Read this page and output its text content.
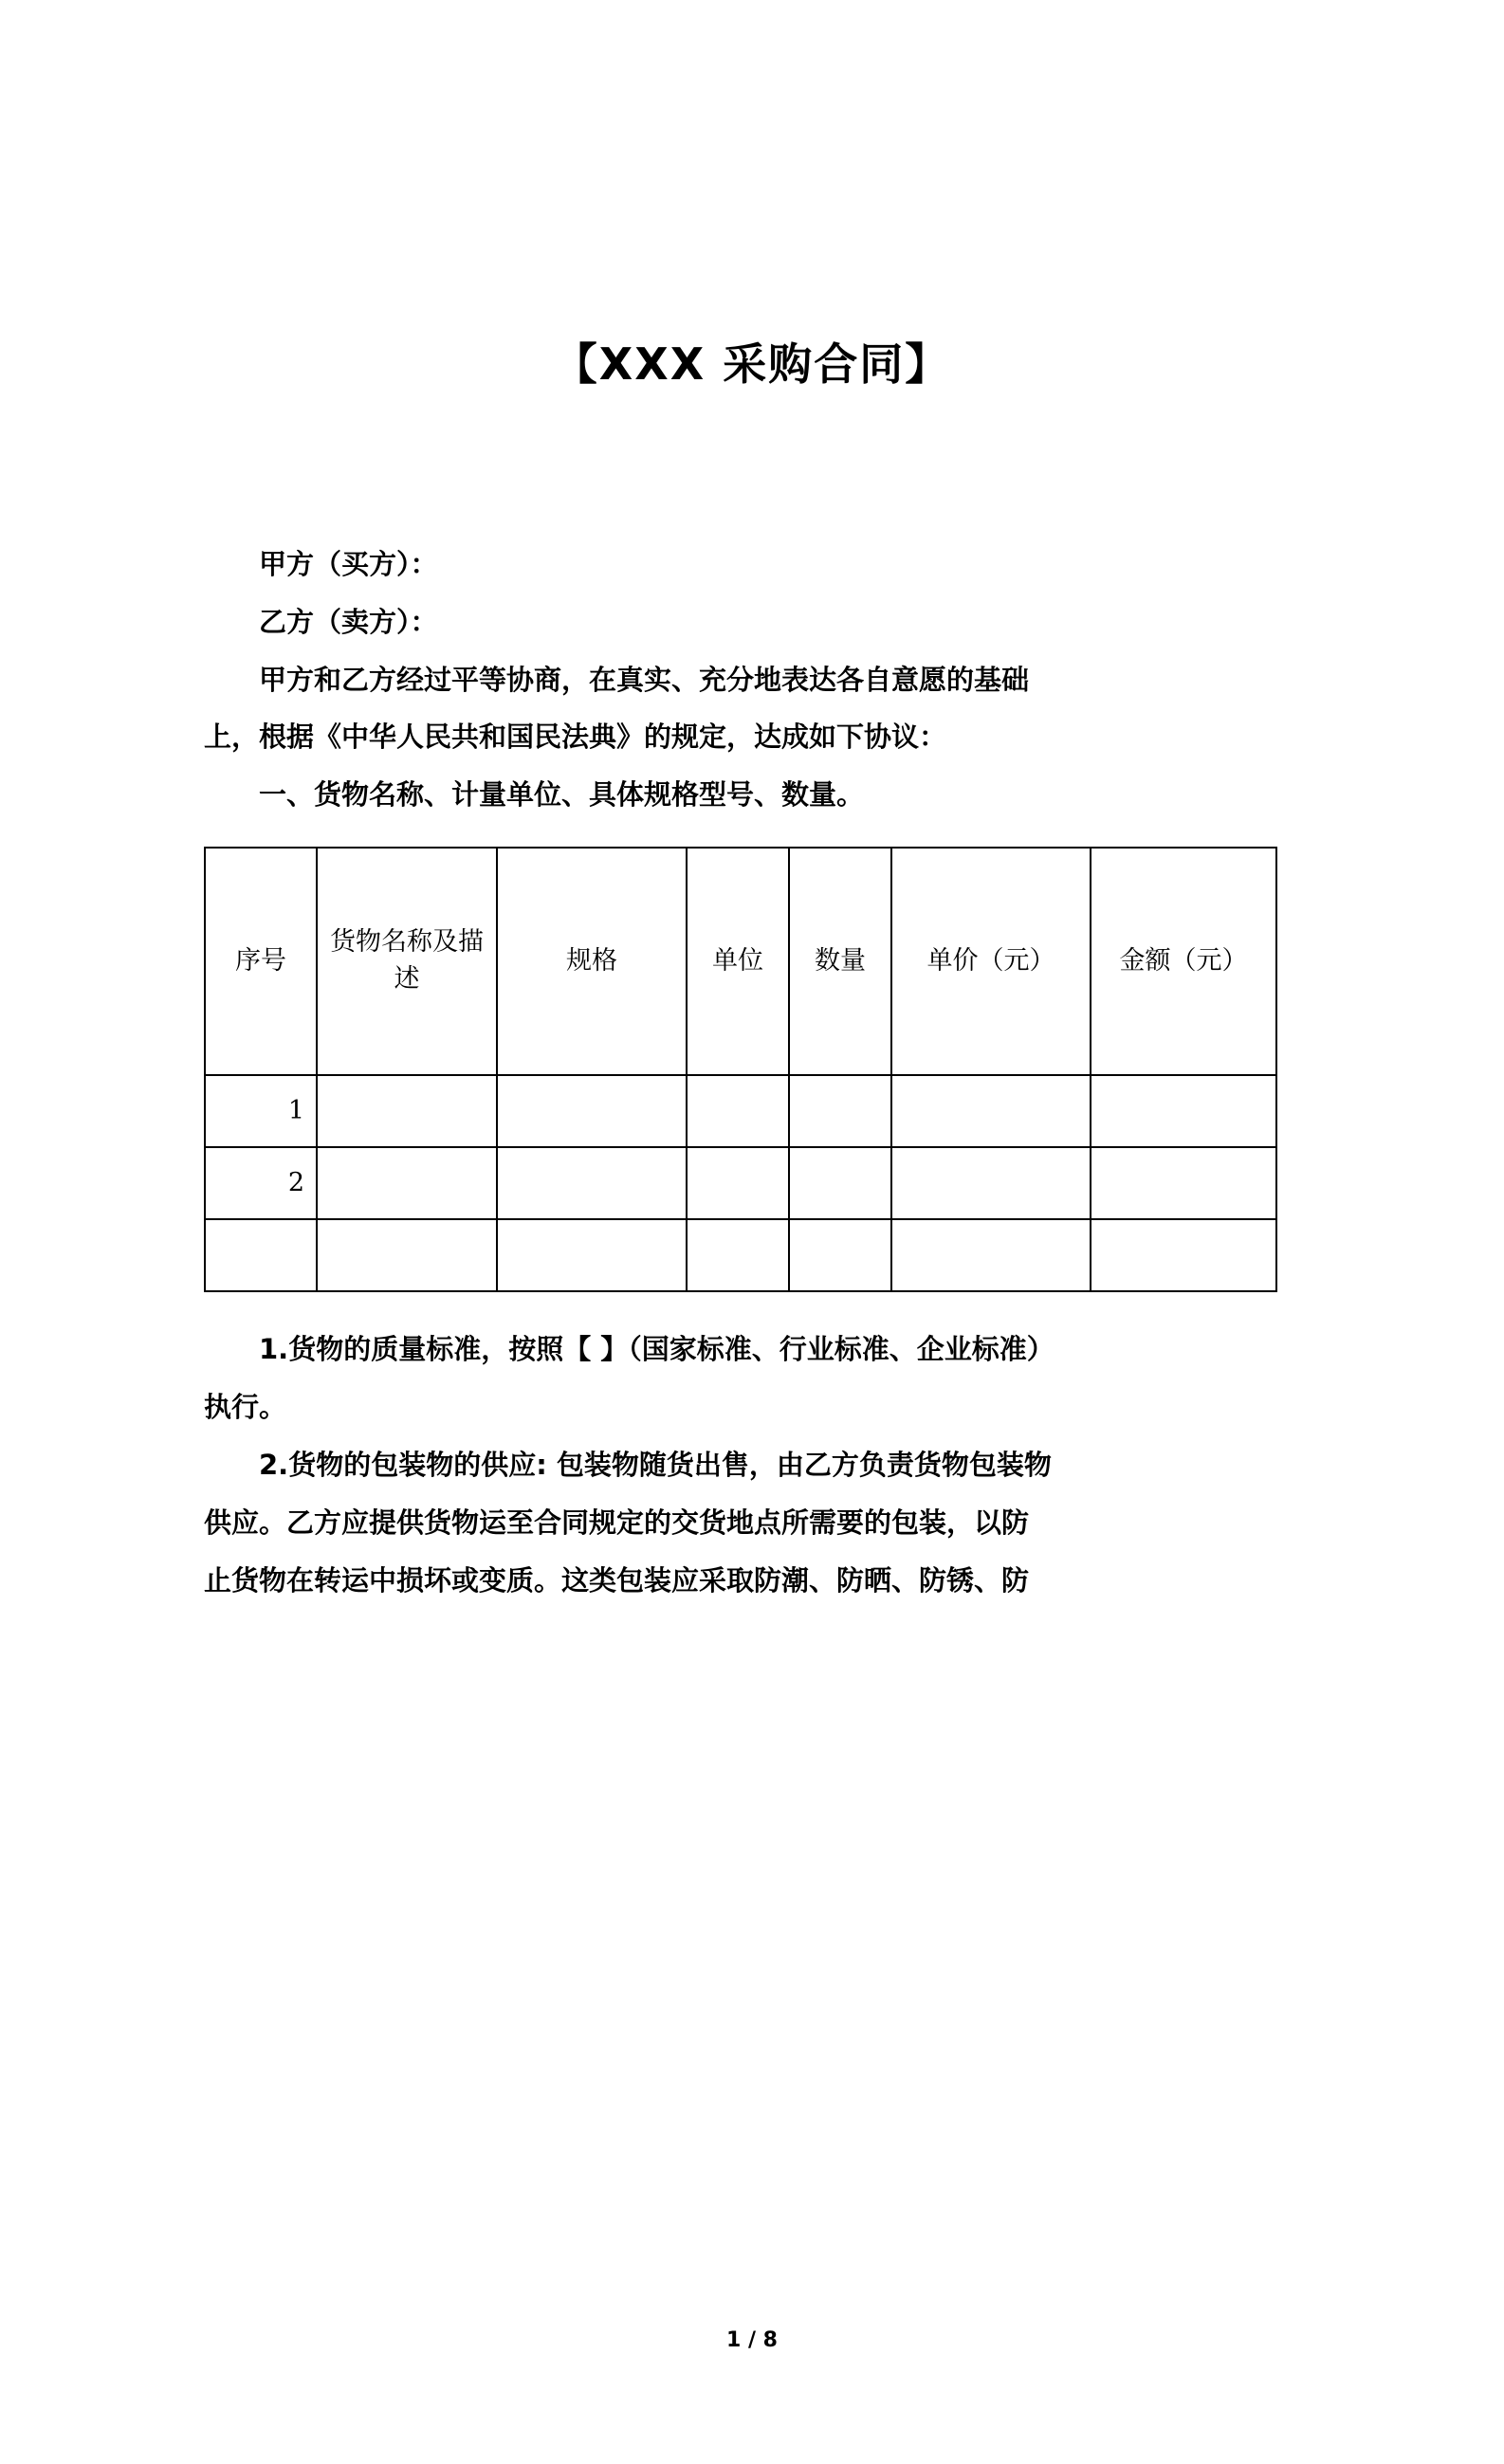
【XXX 采购合同】

甲方（买方）：

乙方（卖方）：

甲方和乙方经过平等协商，在真实、充分地表达各自意愿的基础

上，根据《中华人民共和国民法典》的规定，达成如下协议：

一、货物名称、计量单位、具体规格型号、数量。

序号	货物名称及描述	规格	单位	数量	单价（元）	金额（元）
1						
2						

1.货物的质量标准，按照【 】（国家标准、行业标准、企业标准）

执行。

2.货物的包装物的供应: 包装物随货出售，由乙方负责货物包装物

供应。乙方应提供货物运至合同规定的交货地点所需要的包装，以防

止货物在转运中损坏或变质。这类包装应采取防潮、防晒、防锈、防

1 / 8
